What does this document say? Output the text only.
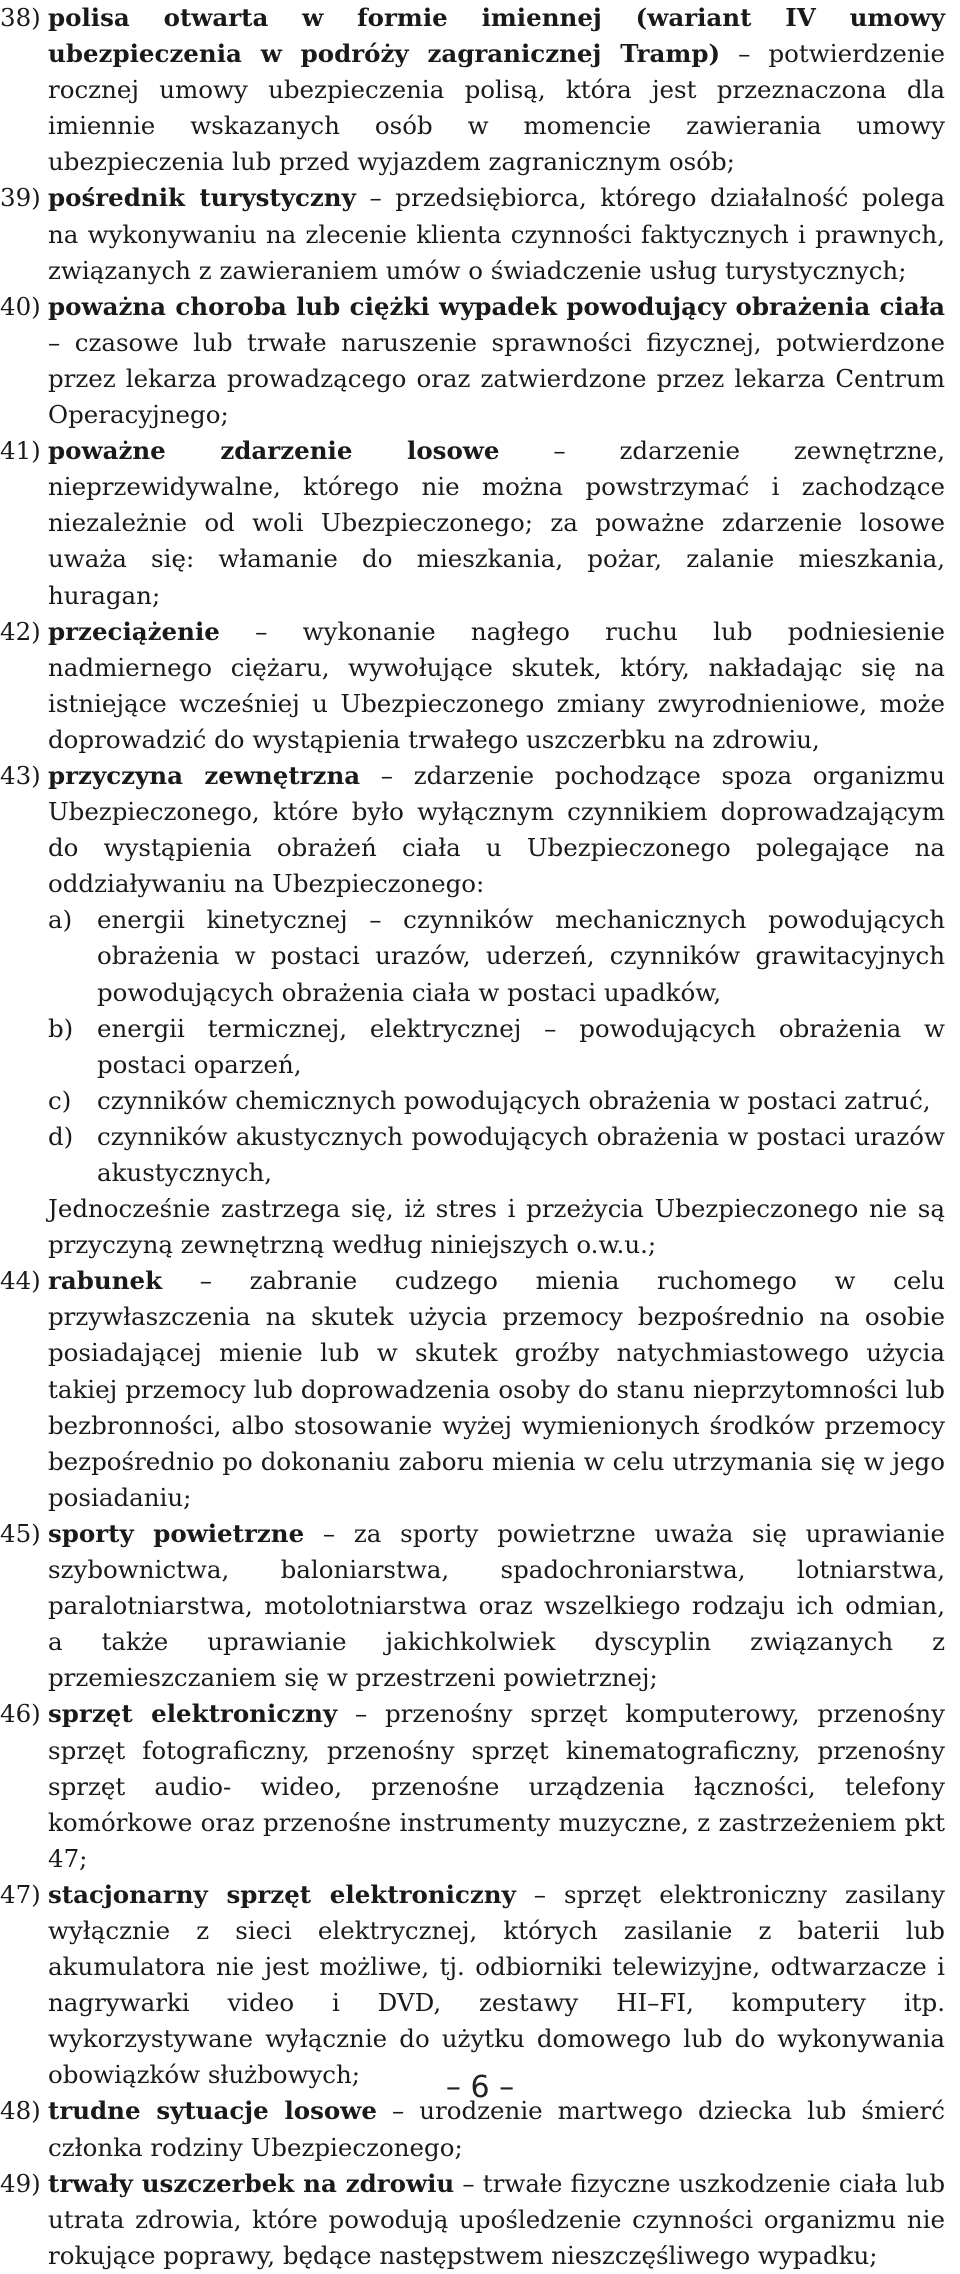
38) polisa otwarta w formie imiennej (wariant IV umowy ubezpieczenia w podróży zagranicznej Tramp) – potwierdzenie rocznej umowy ubezpieczenia polisą, która jest przeznaczona dla imiennie wskazanych osób w momencie zawierania umowy ubezpieczenia lub przed wyjazdem zagranicznym osób;
39) pośrednik turystyczny – przedsiębiorca, którego działalność polega na wykonywaniu na zlecenie klienta czynności faktycznych i prawnych, związanych z zawieraniem umów o świadczenie usług turystycznych;
40) poważna choroba lub ciężki wypadek powodujący obrażenia ciała – czasowe lub trwałe naruszenie sprawności fizycznej, potwierdzone przez lekarza prowadzącego oraz zatwierdzone przez lekarza Centrum Operacyjnego;
41) poważne zdarzenie losowe – zdarzenie zewnętrzne, nieprzewidywalne, którego nie można powstrzymać i zachodzące niezależnie od woli Ubezpieczonego; za poważne zdarzenie losowe uważa się: włamanie do mieszkania, pożar, zalanie mieszkania, huragan;
42) przeciążenie – wykonanie nagłego ruchu lub podniesienie nadmiernego ciężaru, wywołujące skutek, który, nakładając się na istniejące wcześniej u Ubezpieczonego zmiany zwyrodnieniowe, może doprowadzić do wystąpienia trwałego uszczerbku na zdrowiu,
43) przyczyna zewnętrzna – zdarzenie pochodzące spoza organizmu Ubezpieczonego, które było wyłącznym czynnikiem doprowadzającym do wystąpienia obrażeń ciała u Ubezpieczonego polegające na oddziaływaniu na Ubezpieczonego:
a)	energii kinetycznej – czynników mechanicznych powodujących obrażenia w postaci urazów, uderzeń, czynników grawitacyjnych powodujących obrażenia ciała w postaci upadków,
b) energii termicznej, elektrycznej – powodujących obrażenia w postaci oparzeń,
c)	czynników chemicznych powodujących obrażenia w postaci zatruć,
d) czynników akustycznych powodujących obrażenia w postaci urazów akustycznych,
Jednocześnie zastrzega się, iż stres i przeżycia Ubezpieczonego nie są przyczyną zewnętrzną według niniejszych o.w.u.;
44) rabunek – zabranie cudzego mienia ruchomego w celu przywłaszczenia na skutek użycia przemocy bezpośrednio na osobie posiadającej mienie lub w skutek groźby natychmiastowego użycia takiej przemocy lub doprowadzenia osoby do stanu nieprzytomności lub bezbronności, albo stosowanie wyżej wymienionych środków przemocy bezpośrednio po dokonaniu zaboru mienia w celu utrzymania się w jego posiadaniu;
45) sporty powietrzne – za sporty powietrzne uważa się uprawianie szybownictwa, baloniarstwa, spadochroniarstwa, lotniarstwa, paralotniarstwa, motolotniarstwa oraz wszelkiego rodzaju ich odmian, a także uprawianie jakichkolwiek dyscyplin związanych z przemieszczaniem się w przestrzeni powietrznej;
46) sprzęt elektroniczny – przenośny sprzęt komputerowy, przenośny sprzęt fotograficzny, przenośny sprzęt kinematograficzny, przenośny sprzęt audio- wideo, przenośne urządzenia łączności, telefony komórkowe oraz przenośne instrumenty muzyczne, z zastrzeżeniem pkt 47;
47) stacjonarny sprzęt elektroniczny – sprzęt elektroniczny zasilany wyłącznie z sieci elektrycznej, których zasilanie z baterii lub akumulatora nie jest możliwe, tj. odbiorniki telewizyjne, odtwarzacze i nagrywarki video i DVD, zestawy HI–FI, komputery itp. wykorzystywane wyłącznie do użytku domowego lub do wykonywania obowiązków służbowych;
48) trudne sytuacje losowe – urodzenie martwego dziecka lub śmierć członka rodziny Ubezpieczonego;
49) trwały uszczerbek na zdrowiu – trwałe fizyczne uszkodzenie ciała lub utrata zdrowia, które powodują upośledzenie czynności organizmu nie rokujące poprawy, będące następstwem nieszczęśliwego wypadku;
– 6 –
